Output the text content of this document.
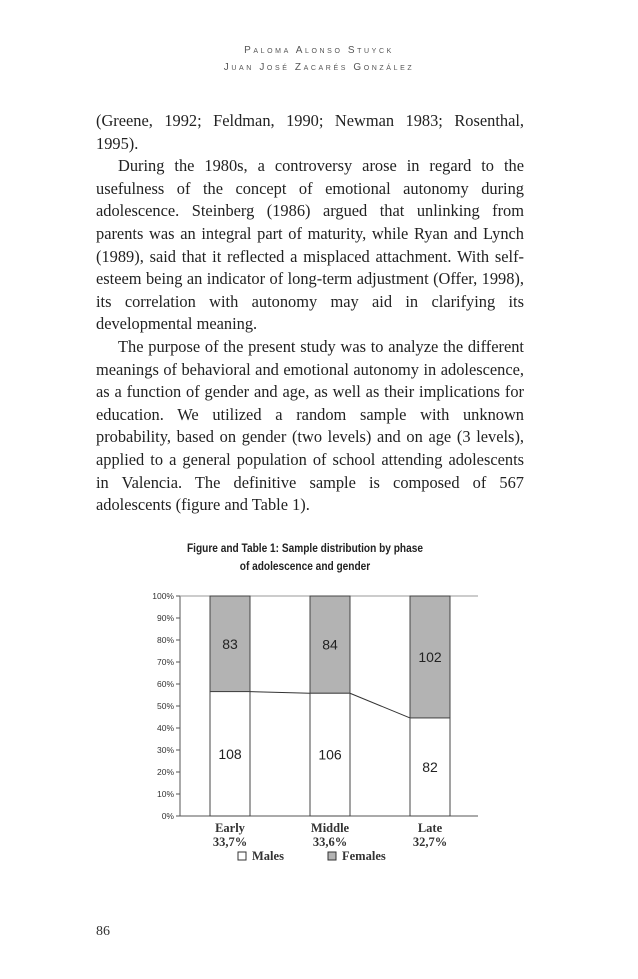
Paloma Alonso Stuyck
Juan José Zacarés González

(Greene, 1992; Feldman, 1990; Newman 1983; Rosenthal, 1995).

During the 1980s, a controversy arose in regard to the usefulness of the concept of emotional autonomy during adolescence. Steinberg (1986) argued that unlinking from parents was an integral part of maturity, while Ryan and Lynch (1989), said that it reflected a misplaced attachment. With self-esteem being an indicator of long-term adjustment (Offer, 1998), its correlation with autonomy may aid in clarifying its developmental meaning.

The purpose of the present study was to analyze the different meanings of behavioral and emotional autonomy in adolescence, as a function of gender and age, as well as their implications for education. We utilized a random sample with unknown probability, based on gender (two levels) and on age (3 levels), applied to a general population of school attending adolescents in Valencia. The definitive sample is composed of 567 adolescents (figure and Table 1).

Figure and Table 1: Sample distribution by phase
of adolescence and gender
0%
10%
20%
30%
40%
50%
60%
70%
80%
90%
100%
83
108
Early
33,7%
84
106
Middle
33,6%
102
82
Late
32,7%
Males	Females
86
